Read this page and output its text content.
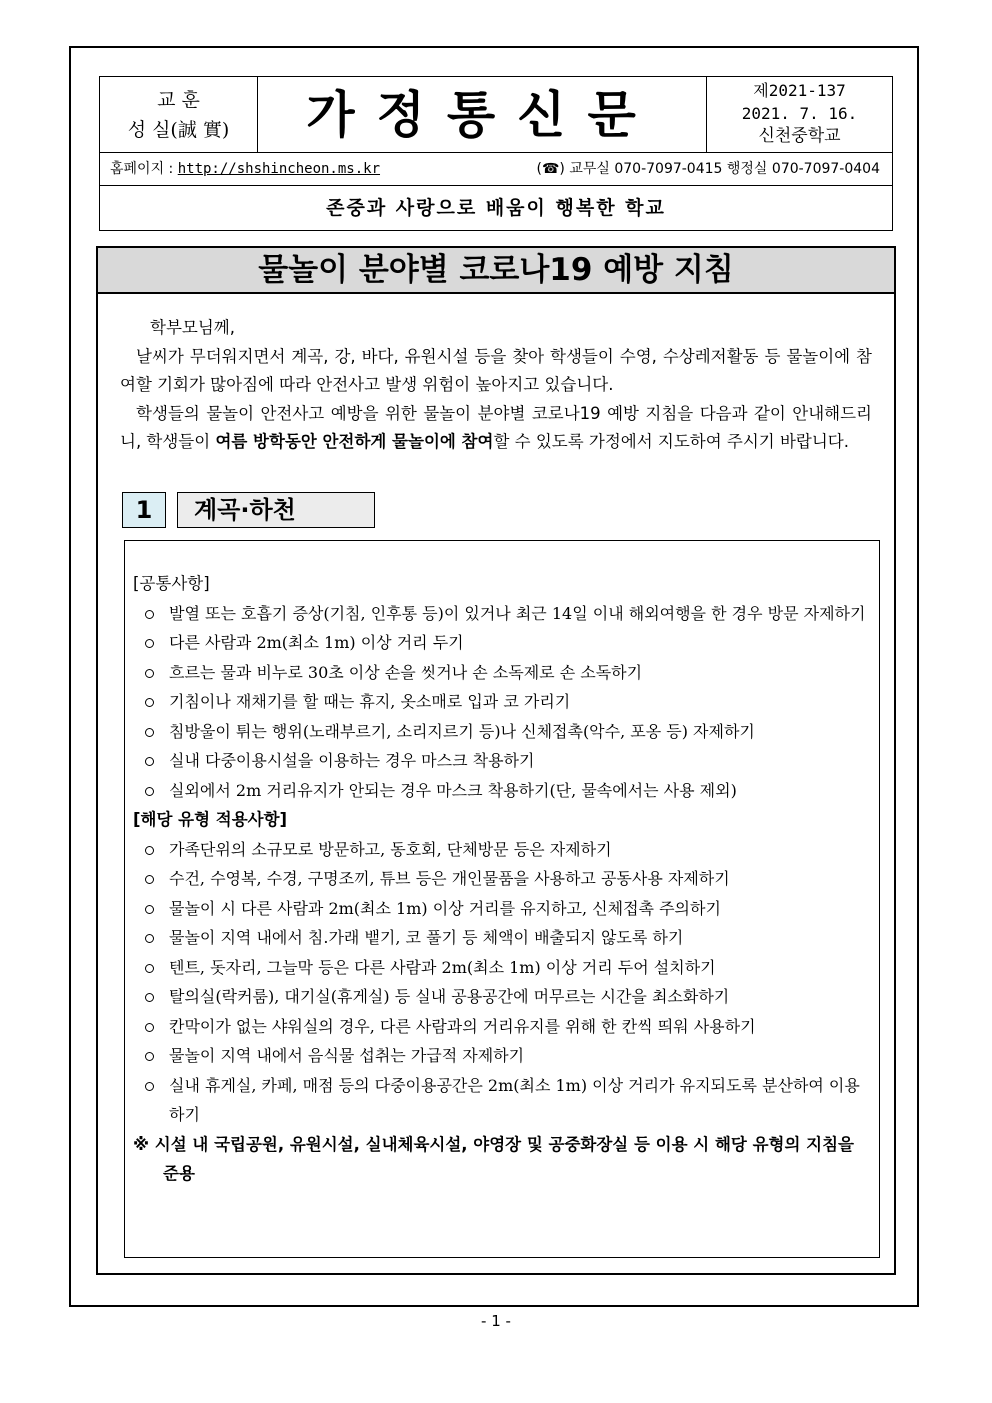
교 훈
성 실(誠 實)	가정통신문	제2021-137
2021. 7. 16.
신천중학교
홈페이지 : http://shshincheon.ms.kr	(☎) 교무실 070-7097-0415 행정실 070-7097-0404
존중과 사랑으로 배움이 행복한 학교
물놀이 분야별 코로나19 예방 지침

학부모님께,

날씨가 무더워지면서 계곡, 강, 바다, 유원시설 등을 찾아 학생들이 수영, 수상레저활동 등 물놀이에 참여할 기회가 많아짐에 따라 안전사고 발생 위험이 높아지고 있습니다.

학생들의 물놀이 안전사고 예방을 위한 물놀이 분야별 코로나19 예방 지침을 다음과 같이 안내해드리니, 학생들이 여름 방학동안 안전하게 물놀이에 참여할 수 있도록 가정에서 지도하여 주시기 바랍니다.

1	계곡·하천
[공통사항]
발열 또는 호흡기 증상(기침, 인후통 등)이 있거나 최근 14일 이내 해외여행을 한 경우 방문 자제하기
다른 사람과 2m(최소 1m) 이상 거리 두기
흐르는 물과 비누로 30초 이상 손을 씻거나 손 소독제로 손 소독하기
기침이나 재채기를 할 때는 휴지, 옷소매로 입과 코 가리기
침방울이 튀는 행위(노래부르기, 소리지르기 등)나 신체접촉(악수, 포옹 등) 자제하기
실내 다중이용시설을 이용하는 경우 마스크 착용하기
실외에서 2m 거리유지가 안되는 경우 마스크 착용하기(단, 물속에서는 사용 제외)
[해당 유형 적용사항]
가족단위의 소규모로 방문하고, 동호회, 단체방문 등은 자제하기
수건, 수영복, 수경, 구명조끼, 튜브 등은 개인물품을 사용하고 공동사용 자제하기
물놀이 시 다른 사람과 2m(최소 1m) 이상 거리를 유지하고, 신체접촉 주의하기
물놀이 지역 내에서 침.가래 뱉기, 코 풀기 등 체액이 배출되지 않도록 하기
텐트, 돗자리, 그늘막 등은 다른 사람과 2m(최소 1m) 이상 거리 두어 설치하기
탈의실(락커룸), 대기실(휴게실) 등 실내 공용공간에 머무르는 시간을 최소화하기
칸막이가 없는 샤워실의 경우, 다른 사람과의 거리유지를 위해 한 칸씩 띄워 사용하기
물놀이 지역 내에서 음식물 섭취는 가급적 자제하기
실내 휴게실, 카페, 매점 등의 다중이용공간은 2m(최소 1m) 이상 거리가 유지되도록 분산하여 이용하기
※ 시설 내 국립공원, 유원시설, 실내체육시설, 야영장 및 공중화장실 등 이용 시 해당 유형의 지침을 준용
- 1 -
